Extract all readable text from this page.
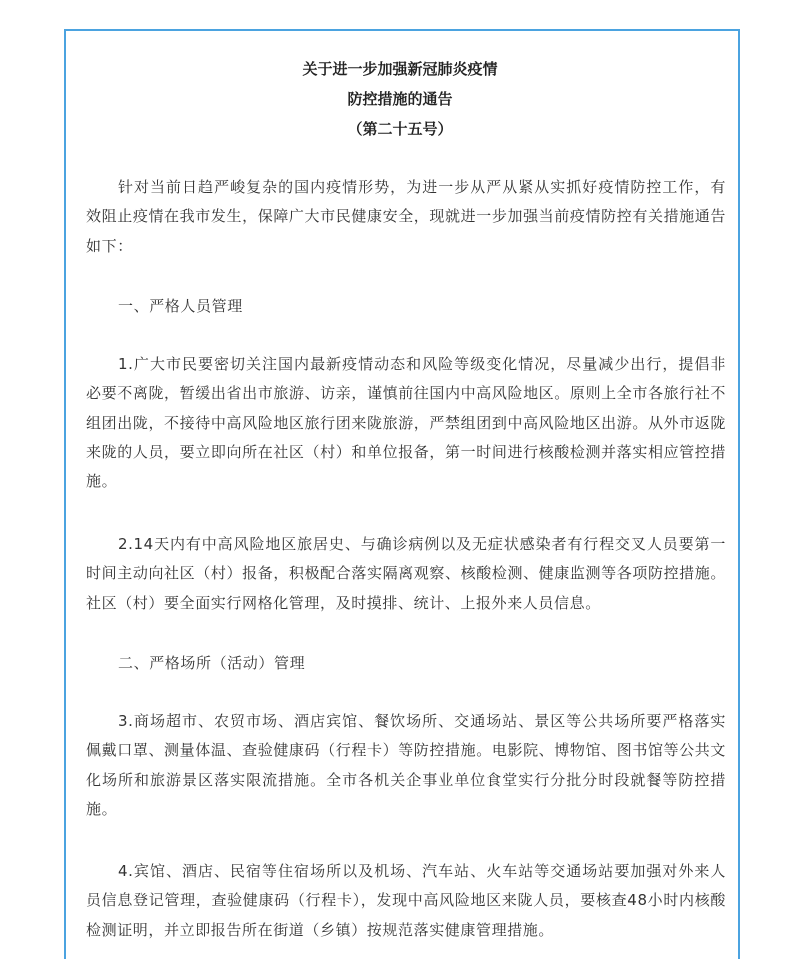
关于进一步加强新冠肺炎疫情
防控措施的通告
（第二十五号）

针对当前日趋严峻复杂的国内疫情形势，为进一步从严从紧从实抓好疫情防控工作，有效阻止疫情在我市发生，保障广大市民健康安全，现就进一步加强当前疫情防控有关措施通告如下：

一、严格人员管理

1.广大市民要密切关注国内最新疫情动态和风险等级变化情况，尽量减少出行，提倡非必要不离陇，暂缓出省出市旅游、访亲，谨慎前往国内中高风险地区。原则上全市各旅行社不组团出陇，不接待中高风险地区旅行团来陇旅游，严禁组团到中高风险地区出游。从外市返陇来陇的人员，要立即向所在社区（村）和单位报备，第一时间进行核酸检测并落实相应管控措施。

2.14天内有中高风险地区旅居史、与确诊病例以及无症状感染者有行程交叉人员要第一时间主动向社区（村）报备，积极配合落实隔离观察、核酸检测、健康监测等各项防控措施。社区（村）要全面实行网格化管理，及时摸排、统计、上报外来人员信息。

二、严格场所（活动）管理

3.商场超市、农贸市场、酒店宾馆、餐饮场所、交通场站、景区等公共场所要严格落实佩戴口罩、测量体温、查验健康码（行程卡）等防控措施。电影院、博物馆、图书馆等公共文化场所和旅游景区落实限流措施。全市各机关企事业单位食堂实行分批分时段就餐等防控措施。

4.宾馆、酒店、民宿等住宿场所以及机场、汽车站、火车站等交通场站要加强对外来人员信息登记管理，查验健康码（行程卡），发现中高风险地区来陇人员，要核查48小时内核酸检测证明，并立即报告所在街道（乡镇）按规范落实健康管理措施。
